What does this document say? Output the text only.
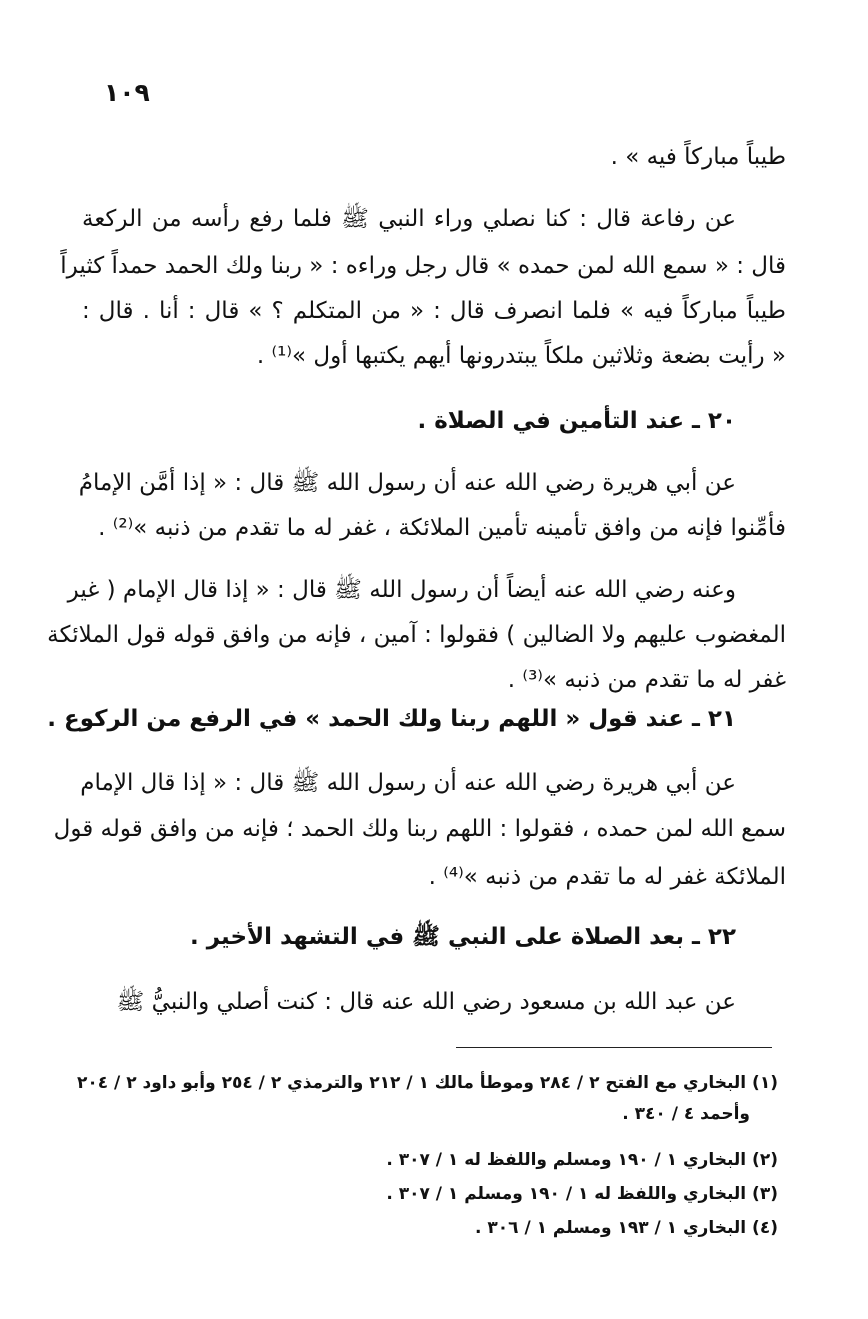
١٠٩
طيباً مباركاً فيه » .
عن رفاعة قال : كنا نصلي وراء النبي ﷺ فلما رفع رأسه من الركعة
قال : « سمع الله لمن حمده » قال رجل وراءه : « ربنا ولك الحمد حمداً كثيراً
طيباً مباركاً فيه » فلما انصرف قال : « من المتكلم ؟ » قال : أنا . قال :
« رأيت بضعة وثلاثين ملكاً يبتدرونها أيهم يكتبها أول »⁽¹⁾ .
٢٠ ـ عند التأمين في الصلاة .
عن أبي هريرة رضي الله عنه أن رسول الله ﷺ قال : « إذا أمَّن الإمامُ
فأمِّنوا فإنه من وافق تأمينه تأمين الملائكة ، غفر له ما تقدم من ذنبه »⁽²⁾ .
وعنه رضي الله عنه أيضاً أن رسول الله ﷺ قال : « إذا قال الإمام ( غير
المغضوب عليهم ولا الضالين ) فقولوا : آمين ، فإنه من وافق قوله قول الملائكة
غفر له ما تقدم من ذنبه »⁽³⁾ .
٢١ ـ عند قول « اللهم ربنا ولك الحمد » في الرفع من الركوع .
عن أبي هريرة رضي الله عنه أن رسول الله ﷺ قال : « إذا قال الإمام
سمع الله لمن حمده ، فقولوا : اللهم ربنا ولك الحمد ؛ فإنه من وافق قوله قول
الملائكة غفر له ما تقدم من ذنبه »⁽⁴⁾ .
٢٢ ـ بعد الصلاة على النبي ﷺ في التشهد الأخير .
عن عبد الله بن مسعود رضي الله عنه قال : كنت أصلي والنبيُّ ﷺ
(١) البخاري مع الفتح ٢ / ٢٨٤ وموطأ مالك ١ / ٢١٢ والترمذي ٢ / ٢٥٤ وأبو داود ٢ / ٢٠٤
وأحمد ٤ / ٣٤٠ .
(٢) البخاري ١ / ١٩٠ ومسلم واللفظ له ١ / ٣٠٧ .
(٣) البخاري واللفظ له ١ / ١٩٠ ومسلم ١ / ٣٠٧ .
(٤) البخاري ١ / ١٩٣ ومسلم ١ / ٣٠٦ .
